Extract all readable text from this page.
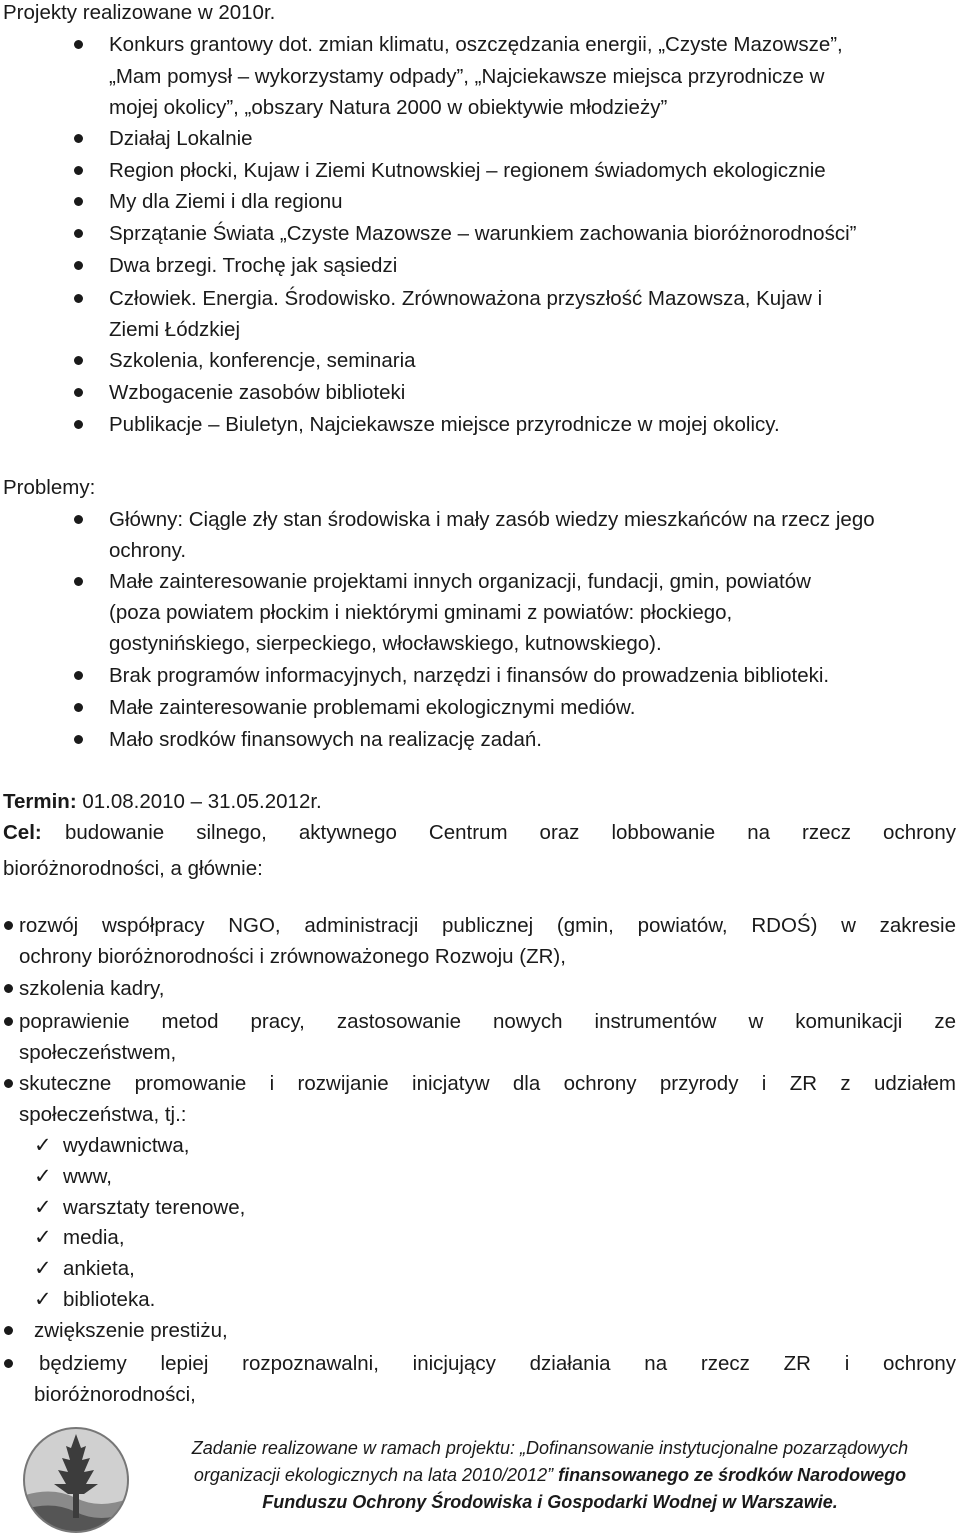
Projekty realizowane w 2010r.
Konkurs grantowy dot. zmian klimatu, oszczędzania energii, „Czyste Mazowsze”,
„Mam pomysł – wykorzystamy odpady”, „Najciekawsze miejsca przyrodnicze w
mojej okolicy”, „obszary Natura 2000 w obiektywie młodzieży”
Działaj Lokalnie
Region płocki, Kujaw i Ziemi Kutnowskiej – regionem świadomych ekologicznie
My dla Ziemi i dla regionu
Sprzątanie Świata „Czyste Mazowsze – warunkiem zachowania bioróżnorodności”
Dwa brzegi. Trochę jak sąsiedzi
Człowiek. Energia. Środowisko. Zrównoważona przyszłość Mazowsza, Kujaw i
Ziemi Łódzkiej
Szkolenia, konferencje, seminaria
Wzbogacenie zasobów biblioteki
Publikacje – Biuletyn, Najciekawsze miejsce przyrodnicze w mojej okolicy.
Problemy:
Główny: Ciągle zły stan środowiska i mały zasób wiedzy mieszkańców na rzecz jego
ochrony.
Małe zainteresowanie projektami innych organizacji, fundacji, gmin, powiatów
(poza powiatem płockim i niektórymi gminami z powiatów: płockiego,
gostynińskiego, sierpeckiego, włocławskiego, kutnowskiego).
Brak programów informacyjnych, narzędzi i finansów do prowadzenia biblioteki.
Małe zainteresowanie problemami ekologicznymi mediów.
Mało srodków finansowych na realizację zadań.
Termin: 01.08.2010 – 31.05.2012r.
Cel: budowanie silnego, aktywnego Centrum oraz lobbowanie na rzecz ochrony
bioróżnorodności, a głównie:
rozwój współpracy NGO, administracji publicznej (gmin, powiatów, RDOŚ) w zakresie
ochrony bioróżnorodności i zrównoważonego Rozwoju (ZR),
szkolenia kadry,
poprawienie metod pracy, zastosowanie nowych instrumentów w komunikacji ze
społeczeństwem,
skuteczne promowanie i rozwijanie inicjatyw dla ochrony przyrody i ZR z udziałem
społeczeństwa, tj.:
✓ wydawnictwa,
✓ www,
✓ warsztaty terenowe,
✓ media,
✓ ankieta,
✓ biblioteka.
zwiększenie prestiżu,
będziemy lepiej rozpoznawalni, inicjujący działania na rzecz ZR i ochrony
bioróżnorodności,
Zadanie realizowane w ramach projektu: „Dofinansowanie instytucjonalne pozarządowych
organizacji ekologicznych na lata 2010/2012” finansowanego ze środków Narodowego
Funduszu Ochrony Środowiska i Gospodarki Wodnej w Warszawie.
